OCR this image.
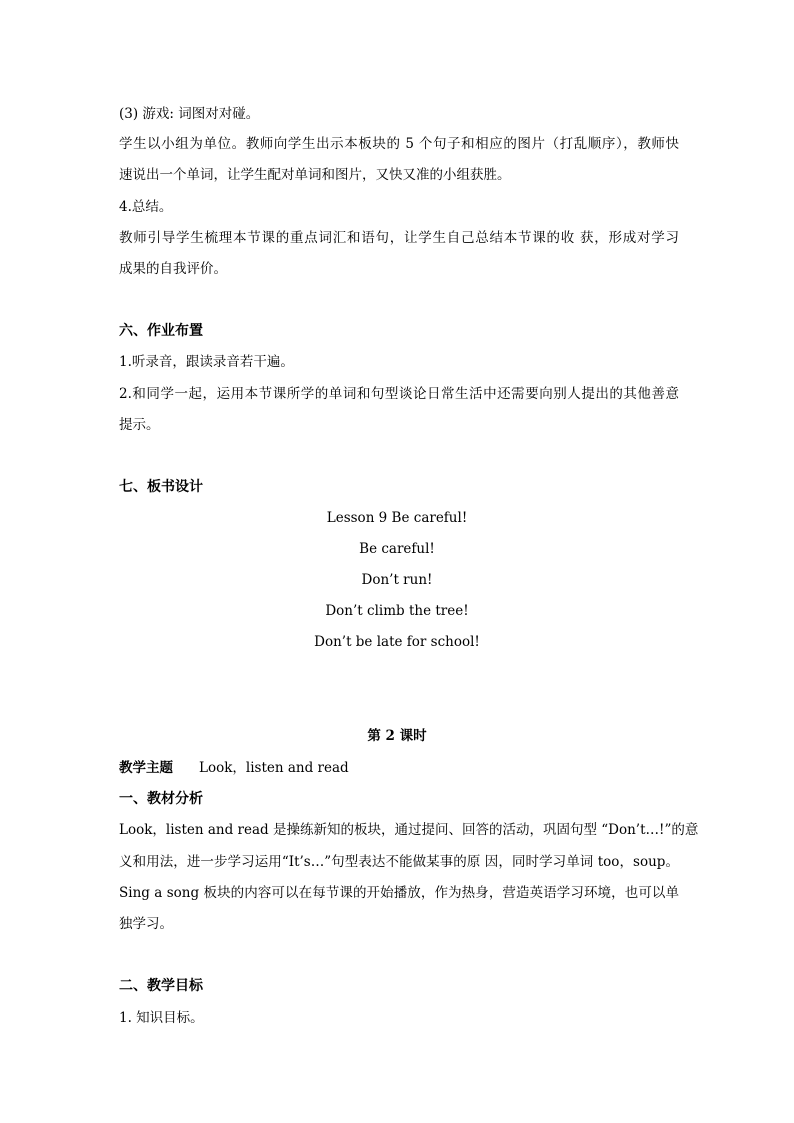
(3) 游戏: 词图对对碰。
学生以小组为单位。教师向学生出示本板块的 5 个句子和相应的图片（打乱顺序），教师快
速说出一个单词，让学生配对单词和图片，又快又准的小组获胜。
4.总结。
教师引导学生梳理本节课的重点词汇和语句，让学生自己总结本节课的收 获，形成对学习
成果的自我评价。
六、作业布置
1.听录音，跟读录音若干遍。
2.和同学一起，运用本节课所学的单词和句型谈论日常生活中还需要向别人提出的其他善意
提示。
七、板书设计
Lesson 9 Be careful!
Be careful!
Don’t run!
Don’t climb the tree!
Don’t be late for school!
第 2 课时
教学主题 Look，listen and read
一、教材分析
Look，listen and read 是操练新知的板块，通过提问、回答的活动，巩固句型 “Don’t…!”的意
义和用法，进一步学习运用“It’s…”句型表达不能做某事的原 因，同时学习单词 too，soup。
Sing a song 板块的内容可以在每节课的开始播放，作为热身，营造英语学习环境，也可以单
独学习。
二、教学目标
1. 知识目标。
